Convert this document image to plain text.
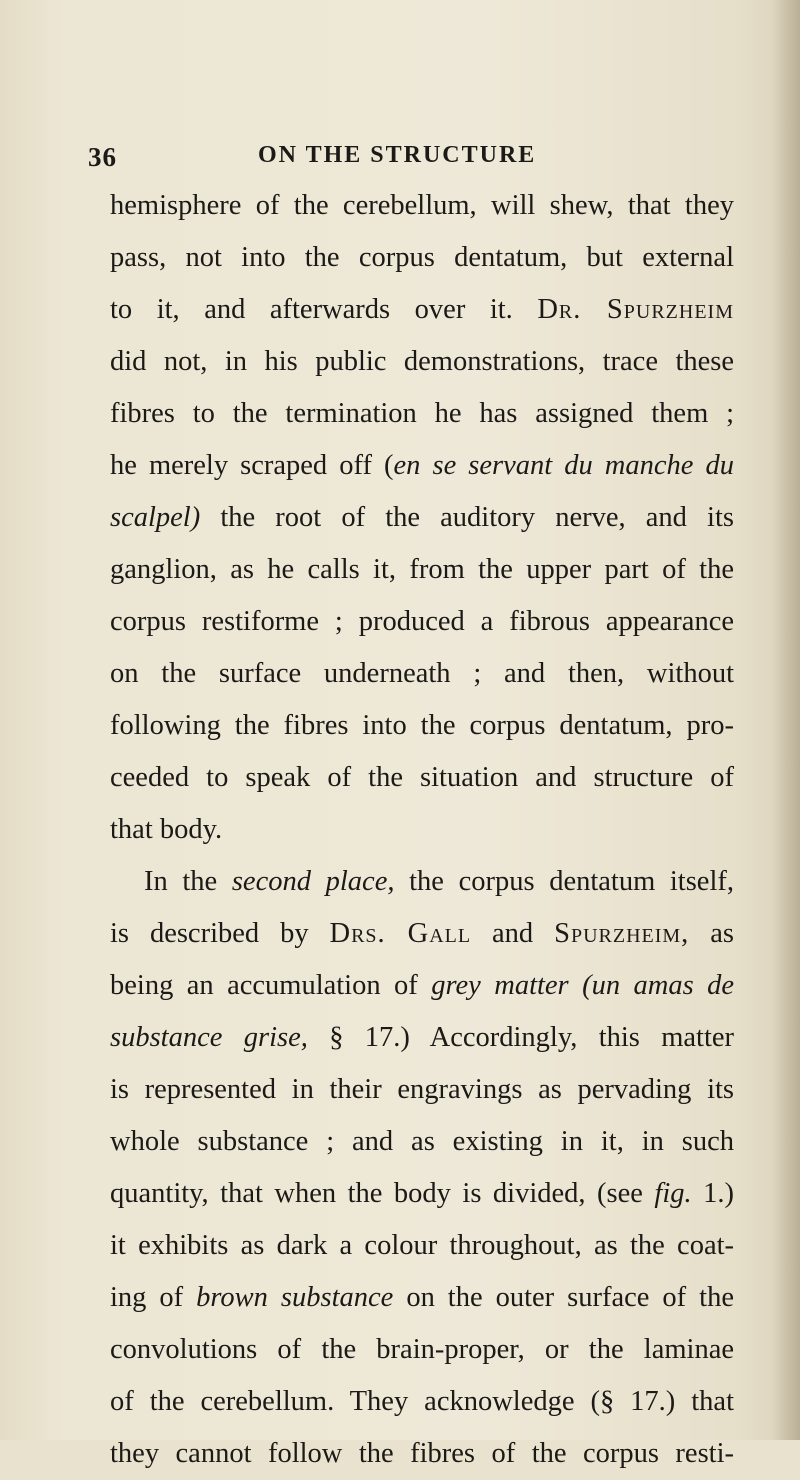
36	ON THE STRUCTURE
hemisphere of the cerebellum, will shew, that they
pass, not into the corpus dentatum, but external
to it, and afterwards over it. Dr. Spurzheim
did not, in his public demonstrations, trace these
fibres to the termination he has assigned them ;
he merely scraped off (en se servant du manche du
scalpel) the root of the auditory nerve, and its
ganglion, as he calls it, from the upper part of the
corpus restiforme ; produced a fibrous appearance
on the surface underneath ; and then, without
following the fibres into the corpus dentatum, pro-
ceeded to speak of the situation and structure of
that body.
In the second place, the corpus dentatum itself,
is described by Drs. Gall and Spurzheim, as
being an accumulation of grey matter (un amas de
substance grise, § 17.) Accordingly, this matter
is represented in their engravings as pervading its
whole substance ; and as existing in it, in such
quantity, that when the body is divided, (see fig. 1.)
it exhibits as dark a colour throughout, as the coat-
ing of brown substance on the outer surface of the
convolutions of the brain-proper, or the laminae
of the cerebellum. They acknowledge (§ 17.) that
they cannot follow the fibres of the corpus resti-
